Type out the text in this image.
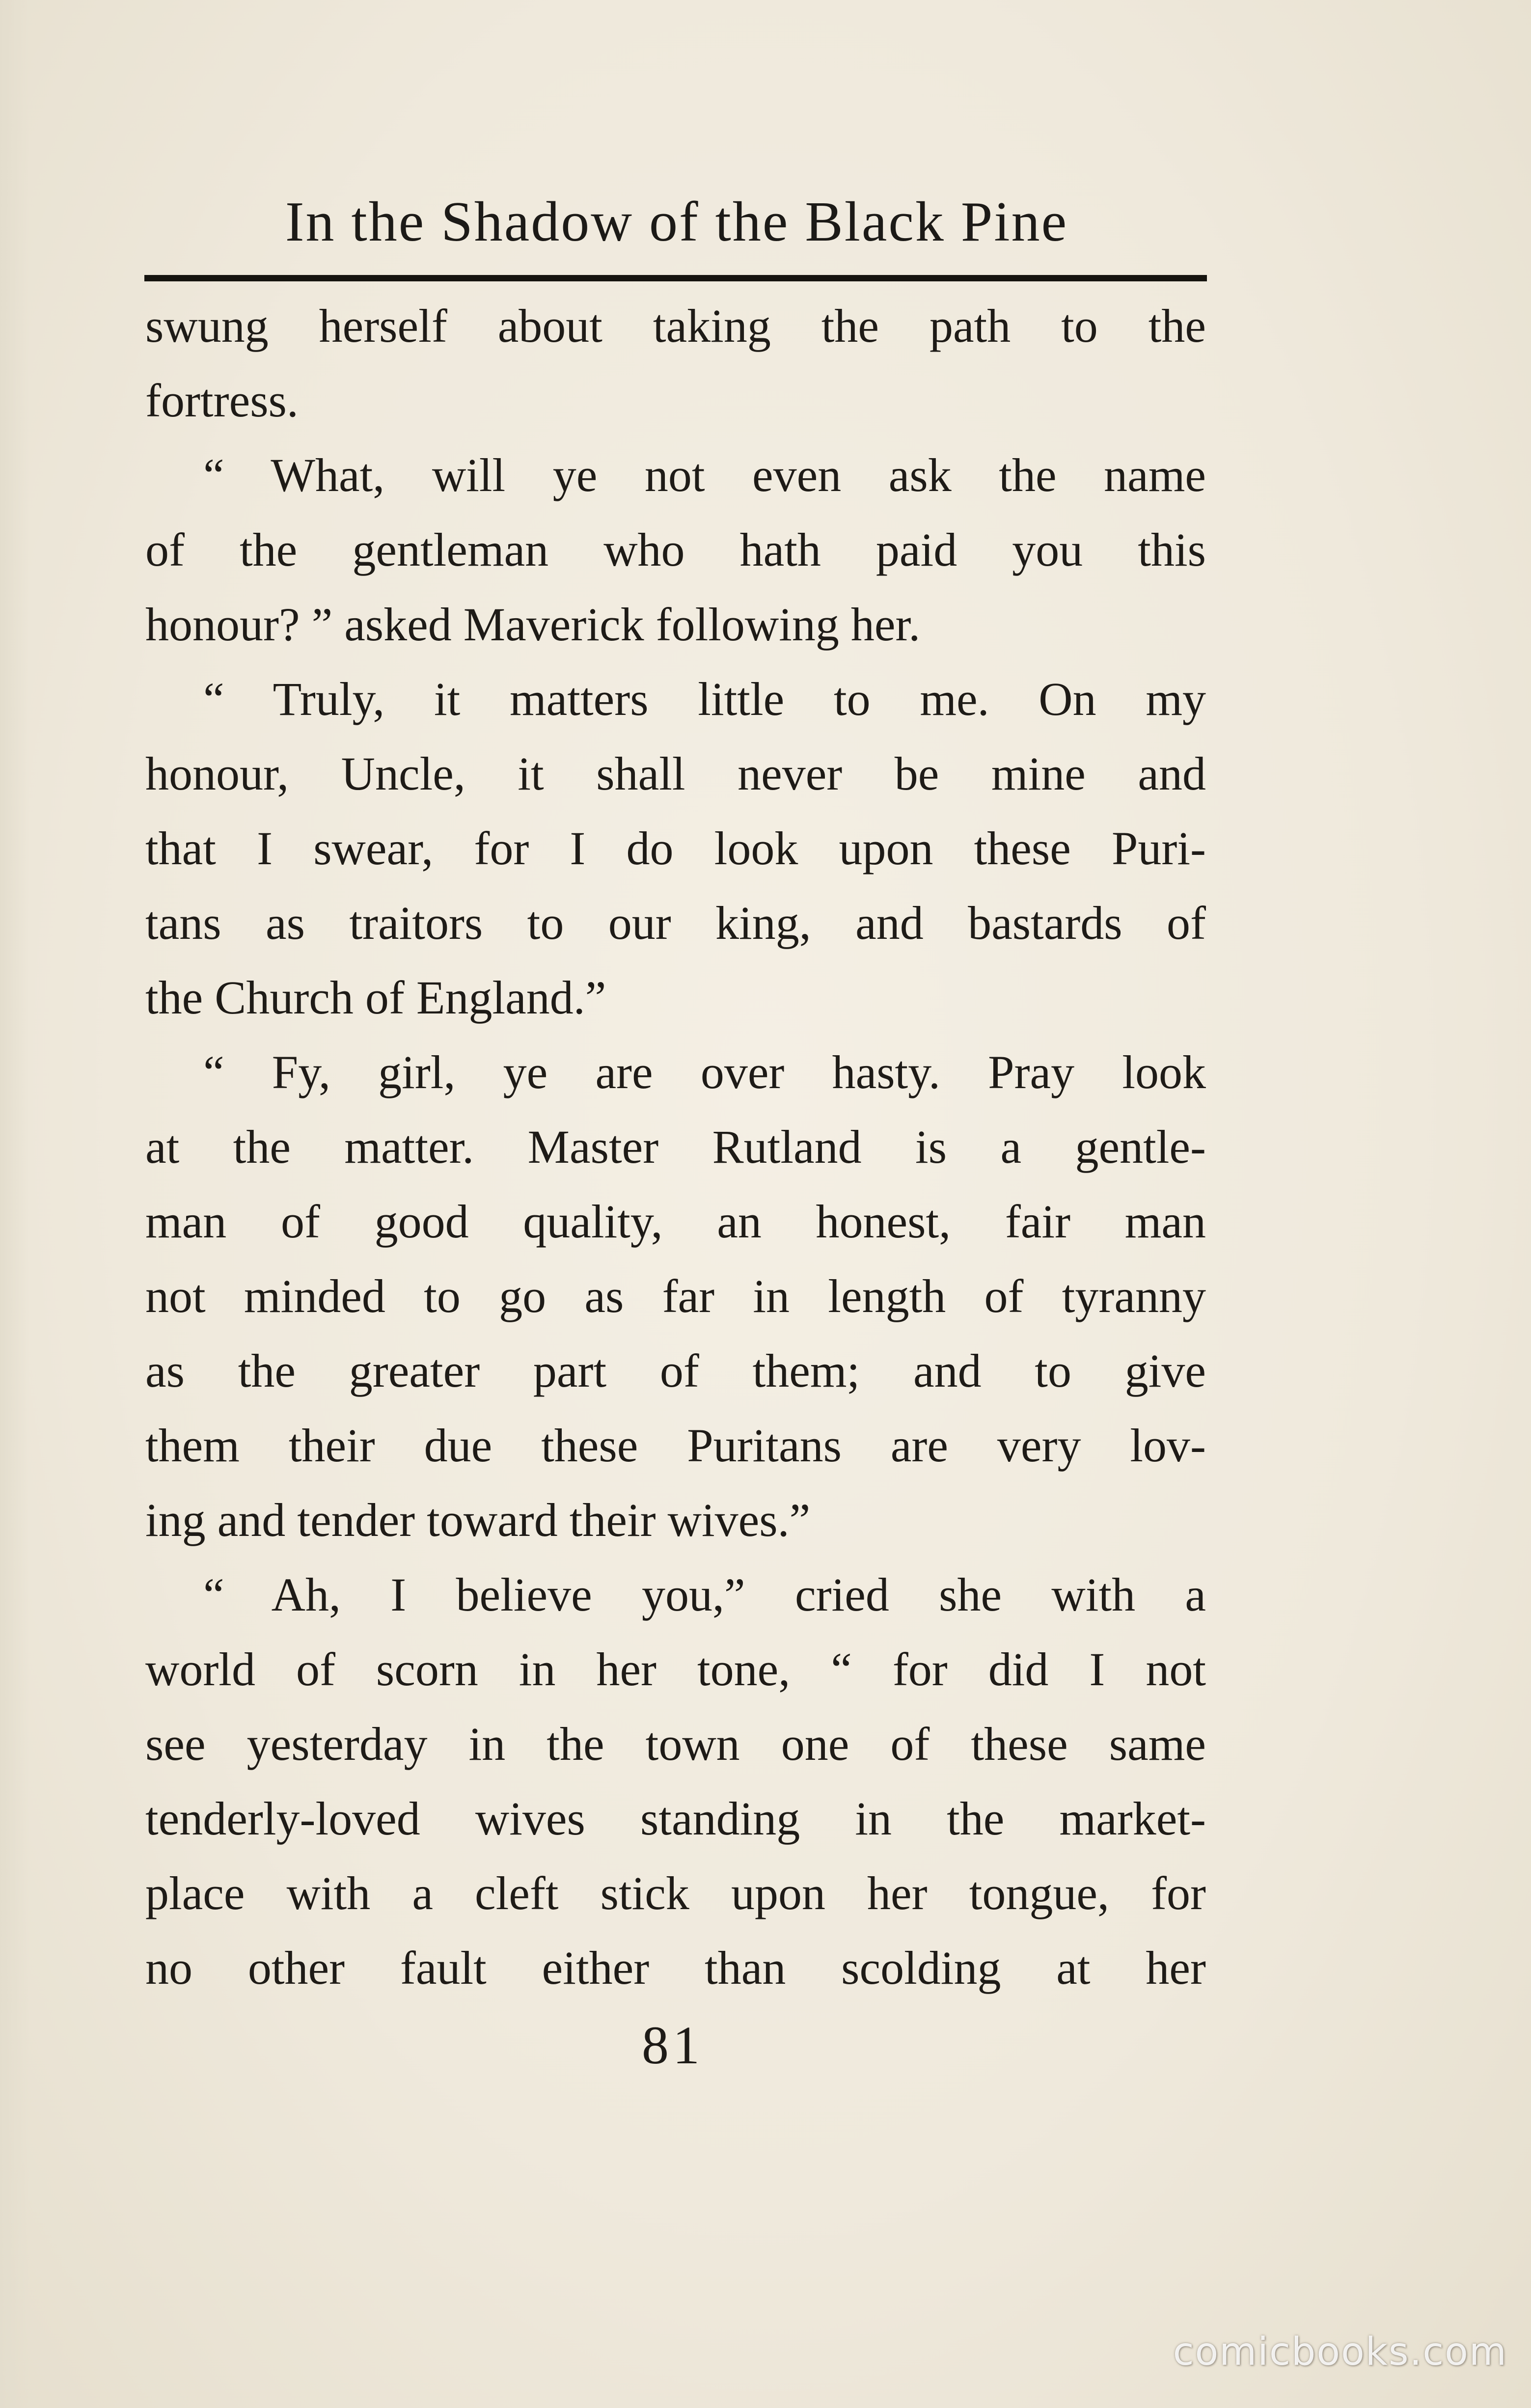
In the Shadow of the Black Pine
swung herself about taking the path to the
fortress.
“ What, will ye not even ask the name
of the gentleman who hath paid you this
honour? ” asked Maverick following her.
“ Truly, it matters little to me. On my
honour, Uncle, it shall never be mine and
that I swear, for I do look upon these Puri-
tans as traitors to our king, and bastards of
the Church of England.”
“ Fy, girl, ye are over hasty. Pray look
at the matter. Master Rutland is a gentle-
man of good quality, an honest, fair man
not minded to go as far in length of tyranny
as the greater part of them; and to give
them their due these Puritans are very lov-
ing and tender toward their wives.”
“ Ah, I believe you,” cried she with a
world of scorn in her tone, “ for did I not
see yesterday in the town one of these same
tenderly-loved wives standing in the market-
place with a cleft stick upon her tongue, for
no other fault either than scolding at her
81
comicbooks.com
